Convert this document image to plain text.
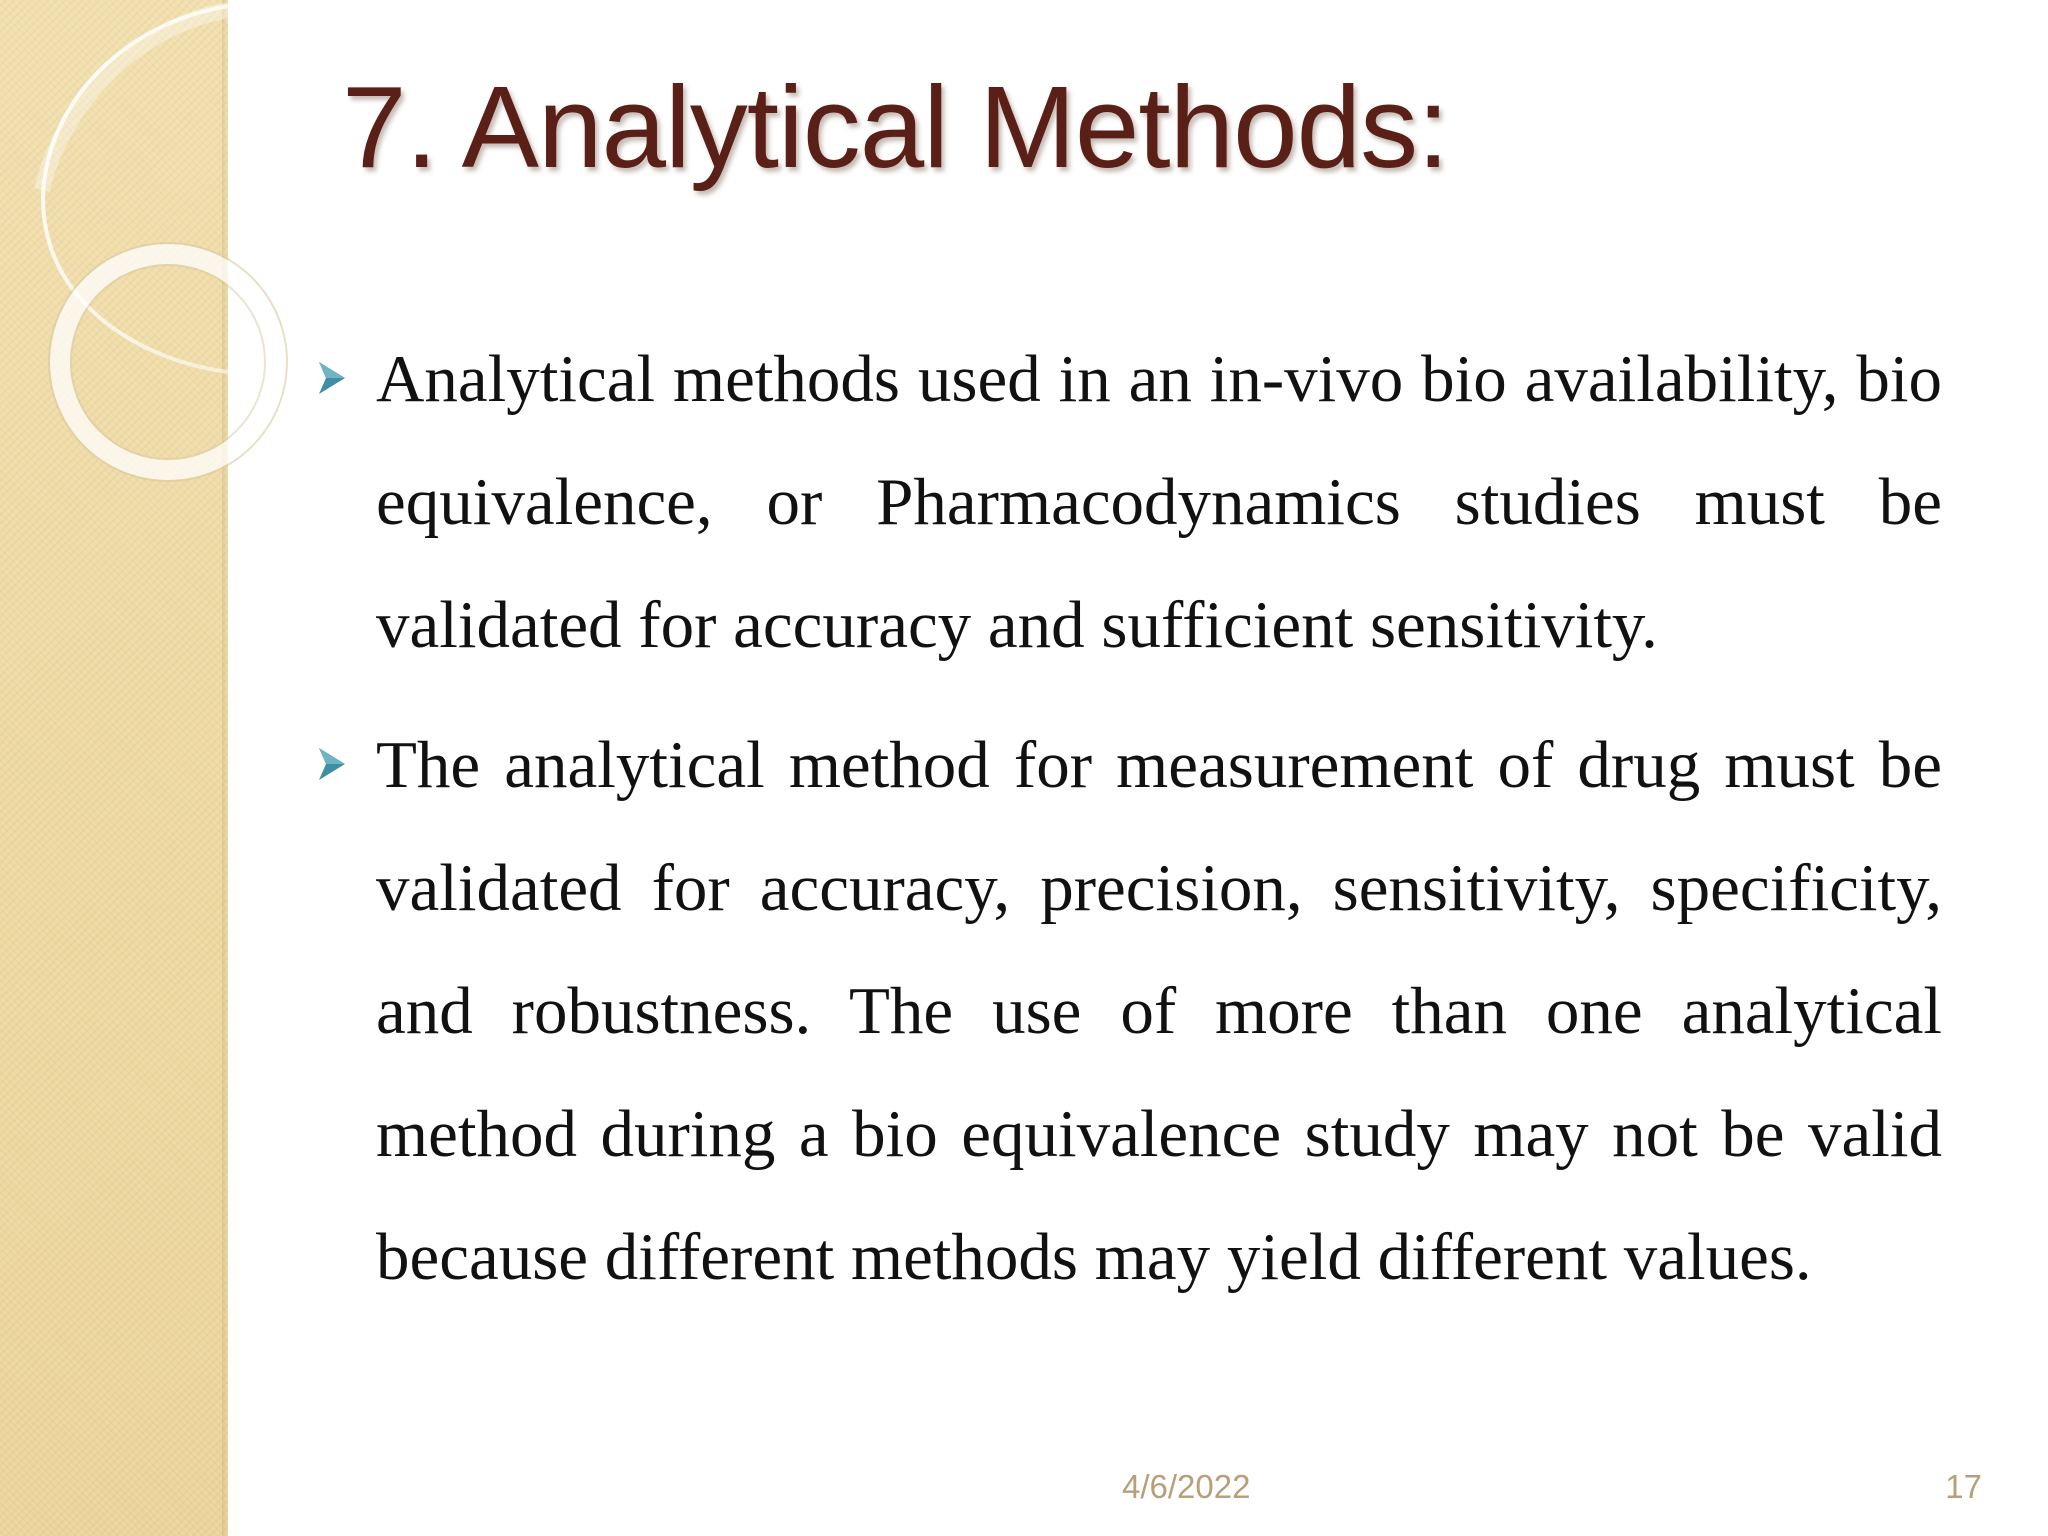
7. Analytical Methods:

Analytical methods used in an in-vivo bio availability, bio equivalence, or Pharmacodynamics studies must be validated for accuracy and sufficient sensitivity.

The analytical method for measurement of drug must be validated for accuracy, precision, sensitivity, specificity, and robustness. The use of more than one analytical method during a bio equivalence study may not be valid because different methods may yield different values.

4/6/2022	17
